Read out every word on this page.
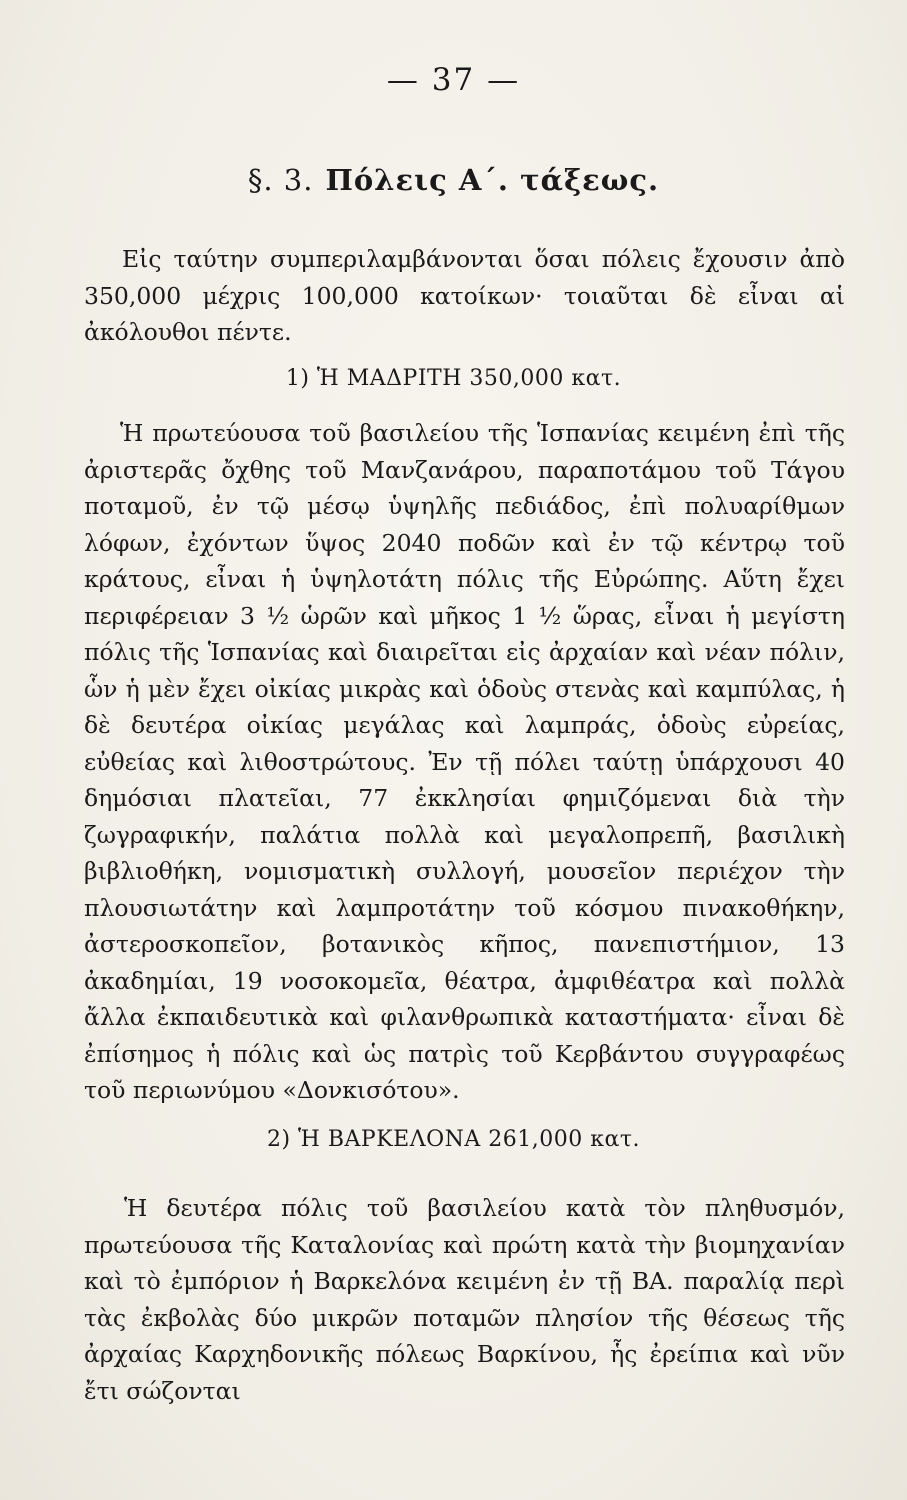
— 37 —
§. 3. Πόλεις Α΄. τάξεως.

Εἰς ταύτην συμπεριλαμβάνονται ὅσαι πόλεις ἔχουσιν ἀπὸ 350,000 μέχρις 100,000 κατοίκων· τοιαῦται δὲ εἶναι αἱ ἀκόλουθοι πέντε.

1) Ἡ ΜΑΔΡΙΤΗ 350,000 κατ.

Ἡ πρωτεύουσα τοῦ βασιλείου τῆς Ἱσπανίας κειμένη ἐπὶ τῆς ἀριστερᾶς ὄχθης τοῦ Μανζανάρου, παραποτάμου τοῦ Τάγου ποταμοῦ, ἐν τῷ μέσῳ ὑψηλῆς πεδιάδος, ἐπὶ πολυαρίθμων λόφων, ἐχόντων ὕψος 2040 ποδῶν καὶ ἐν τῷ κέντρῳ τοῦ κράτους, εἶναι ἡ ὑψηλοτάτη πόλις τῆς Εὐρώπης. Αὕτη ἔχει περιφέρειαν 3 ½ ὡρῶν καὶ μῆκος 1 ½ ὥρας, εἶναι ἡ μεγίστη πόλις τῆς Ἱσπανίας καὶ διαιρεῖται εἰς ἀρχαίαν καὶ νέαν πόλιν, ὧν ἡ μὲν ἔχει οἰκίας μικρὰς καὶ ὁδοὺς στενὰς καὶ καμπύλας, ἡ δὲ δευτέρα οἰκίας μεγάλας καὶ λαμπράς, ὁδοὺς εὐρείας, εὐθείας καὶ λιθοστρώτους. Ἐν τῇ πόλει ταύτῃ ὑπάρχουσι 40 δημόσιαι πλατεῖαι, 77 ἐκκλησίαι φημιζόμεναι διὰ τὴν ζωγραφικήν, παλάτια πολλὰ καὶ μεγαλοπρεπῆ, βασιλικὴ βιβλιοθήκη, νομισματικὴ συλλογή, μουσεῖον περιέχον τὴν πλουσιωτάτην καὶ λαμπροτάτην τοῦ κόσμου πινακοθήκην, ἀστεροσκοπεῖον, βοτανικὸς κῆπος, πανεπιστήμιον, 13 ἀκαδημίαι, 19 νοσοκομεῖα, θέατρα, ἀμφιθέατρα καὶ πολλὰ ἄλλα ἐκπαιδευτικὰ καὶ φιλανθρωπικὰ καταστήματα· εἶναι δὲ ἐπίσημος ἡ πόλις καὶ ὡς πατρὶς τοῦ Κερβάντου συγγραφέως τοῦ περιωνύμου «Δονκισότου».

2) Ἡ ΒΑΡΚΕΛΟΝΑ 261,000 κατ.

Ἡ δευτέρα πόλις τοῦ βασιλείου κατὰ τὸν πληθυσμόν, πρωτεύουσα τῆς Καταλονίας καὶ πρώτη κατὰ τὴν βιομηχανίαν καὶ τὸ ἐμπόριον ἡ Βαρκελόνα κειμένη ἐν τῇ ΒΑ. παραλίᾳ περὶ τὰς ἐκβολὰς δύο μικρῶν ποταμῶν πλησίον τῆς θέσεως τῆς ἀρχαίας Καρχηδονικῆς πόλεως Βαρκίνου, ἧς ἐρείπια καὶ νῦν ἔτι σώζονται
